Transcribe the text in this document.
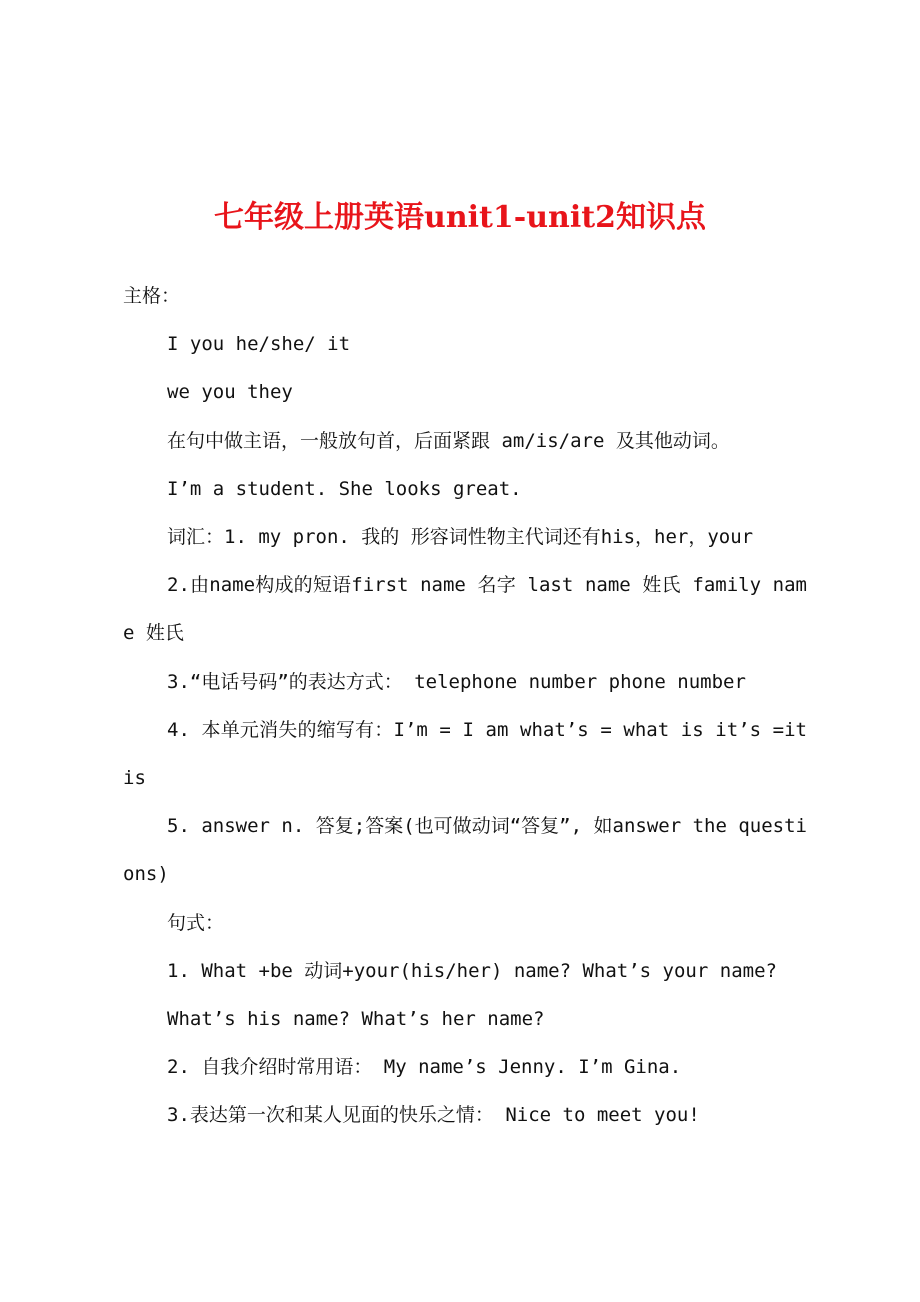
七年级上册英语unit1-unit2知识点

主格：

I you he/she/ it

we you they

在句中做主语，一般放句首，后面紧跟 am/is/are 及其他动词。

I’m a student. She looks great.

词汇：1. my pron. 我的 形容词性物主代词还有his，her，your

2.由name构成的短语first name 名字 last name 姓氏 family name 姓氏

3.“电话号码”的表达方式： telephone number phone number

4. 本单元消失的缩写有：I’m = I am what’s = what is it’s =it is

5. answer n. 答复;答案(也可做动词“答复”, 如answer the questions)

句式：

1. What +be 动词+your(his/her) name? What’s your name?

What’s his name? What’s her name?

2. 自我介绍时常用语： My name’s Jenny. I’m Gina.

3.表达第一次和某人见面的快乐之情： Nice to meet you!
